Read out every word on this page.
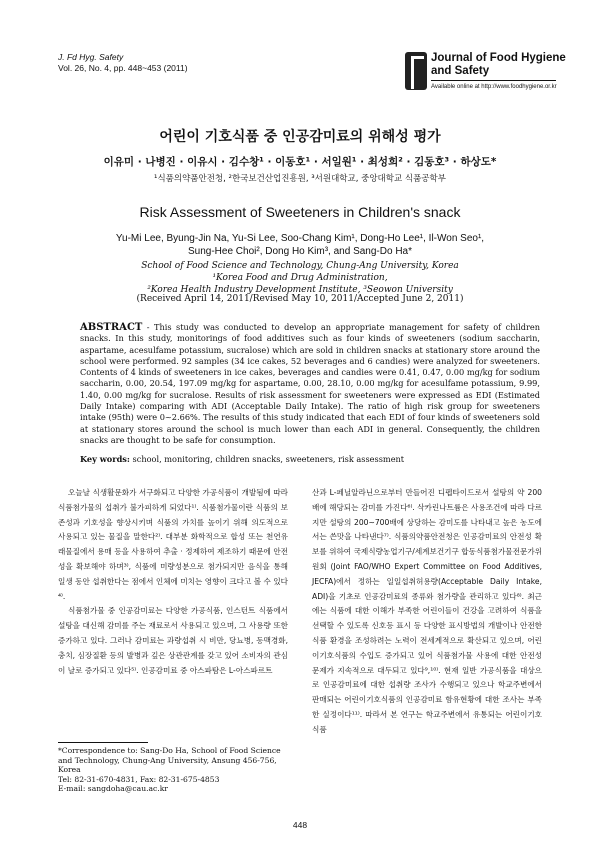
J. Fd Hyg. Safety
Vol. 26, No. 4, pp. 448~453 (2011)
Journal of Food Hygiene
and Safety
Available online at http://www.foodhygiene.or.kr
어린이 기호식품 중 인공감미료의 위해성 평가
이유미 · 나병진 · 이유시 · 김수창¹ · 이동호¹ · 서일원¹ · 최성희² · 김동호³ · 하상도*
¹식품의약품안전청, ²한국보건산업진흥원, ³서원대학교, 중앙대학교 식품공학부
Risk Assessment of Sweeteners in Children's snack
Yu-Mi Lee, Byung-Jin Na, Yu-Si Lee, Soo-Chang Kim¹, Dong-Ho Lee¹, Il-Won Seo¹,
Sung-Hee Choi², Dong Ho Kim³, and Sang-Do Ha*
School of Food Science and Technology, Chung-Ang University, Korea
¹Korea Food and Drug Administration,
²Korea Health Industry Development Institute, ³Seowon University
(Received April 14, 2011/Revised May 10, 2011/Accepted June 2, 2011)
ABSTRACT - This study was conducted to develop an appropriate management for safety of children snacks. In this study, monitorings of food additives such as four kinds of sweeteners (sodium saccharin, aspartame, acesulfame potassium, sucralose) which are sold in children snacks at stationary store around the school were performed. 92 samples (34 ice cakes, 52 beverages and 6 candies) were analyzed for sweeteners. Contents of 4 kinds of sweeteners in ice cakes, beverages and candies were 0.41, 0.47, 0.00 mg/kg for sodium saccharin, 0.00, 20.54, 197.09 mg/kg for aspartame, 0.00, 28.10, 0.00 mg/kg for acesulfame potassium, 9.99, 1.40, 0.00 mg/kg for sucralose. Results of risk assessment for sweeteners were expressed as EDI (Estimated Daily Intake) comparing with ADI (Acceptable Daily Intake). The ratio of high risk group for sweeteners intake (95th) were 0~2.66%. The results of this study indicated that each EDI of four kinds of sweeteners sold at stationary stores around the school is much lower than each ADI in general. Consequently, the children snacks are thought to be safe for consumption.
Key words: school, monitoring, children snacks, sweeteners, risk assessment

오늘날 식생활문화가 서구화되고 다양한 가공식품이 개발됨에 따라 식품첨가물의 섭취가 불가피하게 되었다¹⁾. 식품첨가물이란 식품의 보존성과 기호성을 향상시키며 식품의 가치를 높이기 위해 의도적으로 사용되고 있는 물질을 말한다²⁾. 대부분 화학적으로 합성 또는 천연유래물질에서 용매 등을 사용하여 추출 · 정제하여 제조하기 때문에 안전성을 확보해야 하며³⁾, 식품에 미량성분으로 첨가되지만 음식을 통해 일생 동안 섭취한다는 점에서 인체에 미치는 영향이 크다고 볼 수 있다⁴⁾.

식품첨가물 중 인공감미료는 다양한 가공식품, 인스턴트 식품에서 설탕을 대신해 감미를 주는 재료로서 사용되고 있으며, 그 사용량 또한 증가하고 있다. 그러나 감미료는 과량섭취 시 비만, 당뇨병, 동맥경화, 충치, 심장질환 등의 발병과 깊은 상관관계를 갖고 있어 소비자의 관심이 날로 증가되고 있다⁵⁾. 인공감미료 중 아스파탐은 L-아스파르트

산과 L-페닐알라닌으로부터 만들어진 디펩타이드로서 설탕의 약 200배에 해당되는 감미를 가진다⁶⁾. 삭카린나트륨은 사용조건에 따라 다르지만 설탕의 200~700배에 상당하는 감미도를 나타내고 높은 농도에서는 쓴맛을 나타낸다⁷⁾. 식품의약품안전청은 인공감미료의 안전성 확보를 위하여 국제식량농업기구/세계보건기구 합동식품첨가물전문가위원회 (Joint FAO/WHO Expert Committee on Food Additives, JECFA)에서 정하는 일일섭취허용량(Acceptable Daily Intake, ADI)을 기초로 인공감미료의 종류와 첨가량을 관리하고 있다⁸⁾. 최근에는 식품에 대한 이해가 부족한 어린이들이 건강을 고려하여 식품을 선택할 수 있도록 신호등 표시 등 다양한 표시방법의 개발이나 안전한 식품 환경을 조성하려는 노력이 전세계적으로 확산되고 있으며, 어린이기호식품의 수입도 증가되고 있어 식품첨가물 사용에 대한 안전성 문제가 지속적으로 대두되고 있다⁹,¹⁰⁾. 현재 일반 가공식품을 대상으로 인공감미료에 대한 섭취량 조사가 수행되고 있으나 학교주변에서 판매되는 어린이기호식품의 인공감미료 함유현황에 대한 조사는 부족한 실정이다¹¹⁾. 따라서 본 연구는 학교주변에서 유통되는 어린이기호식품

*Correspondence to: Sang-Do Ha, School of Food Science and Technology, Chung-Ang University, Ansung 456-756, Korea
Tel: 82-31-670-4831, Fax: 82-31-675-4853
E-mail: sangdoha@cau.ac.kr
448
